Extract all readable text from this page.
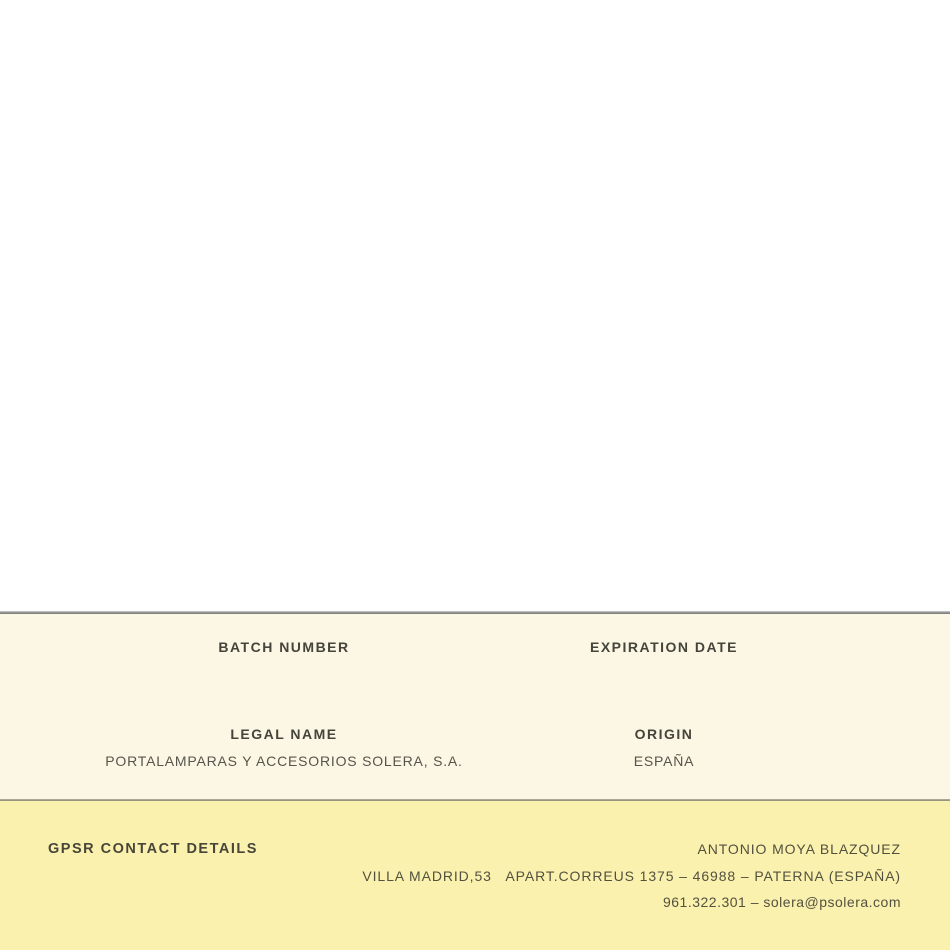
BATCH NUMBER	EXPIRATION DATE
LEGAL NAME	ORIGIN
PORTALAMPARAS Y ACCESORIOS SOLERA, S.A.	ESPAÑA
GPSR CONTACT DETAILS	ANTONIO MOYA BLAZQUEZ
VILLA MADRID,53   APART.CORREUS 1375 – 46988 – PATERNA (ESPAÑA)
961.322.301 – solera@psolera.com
